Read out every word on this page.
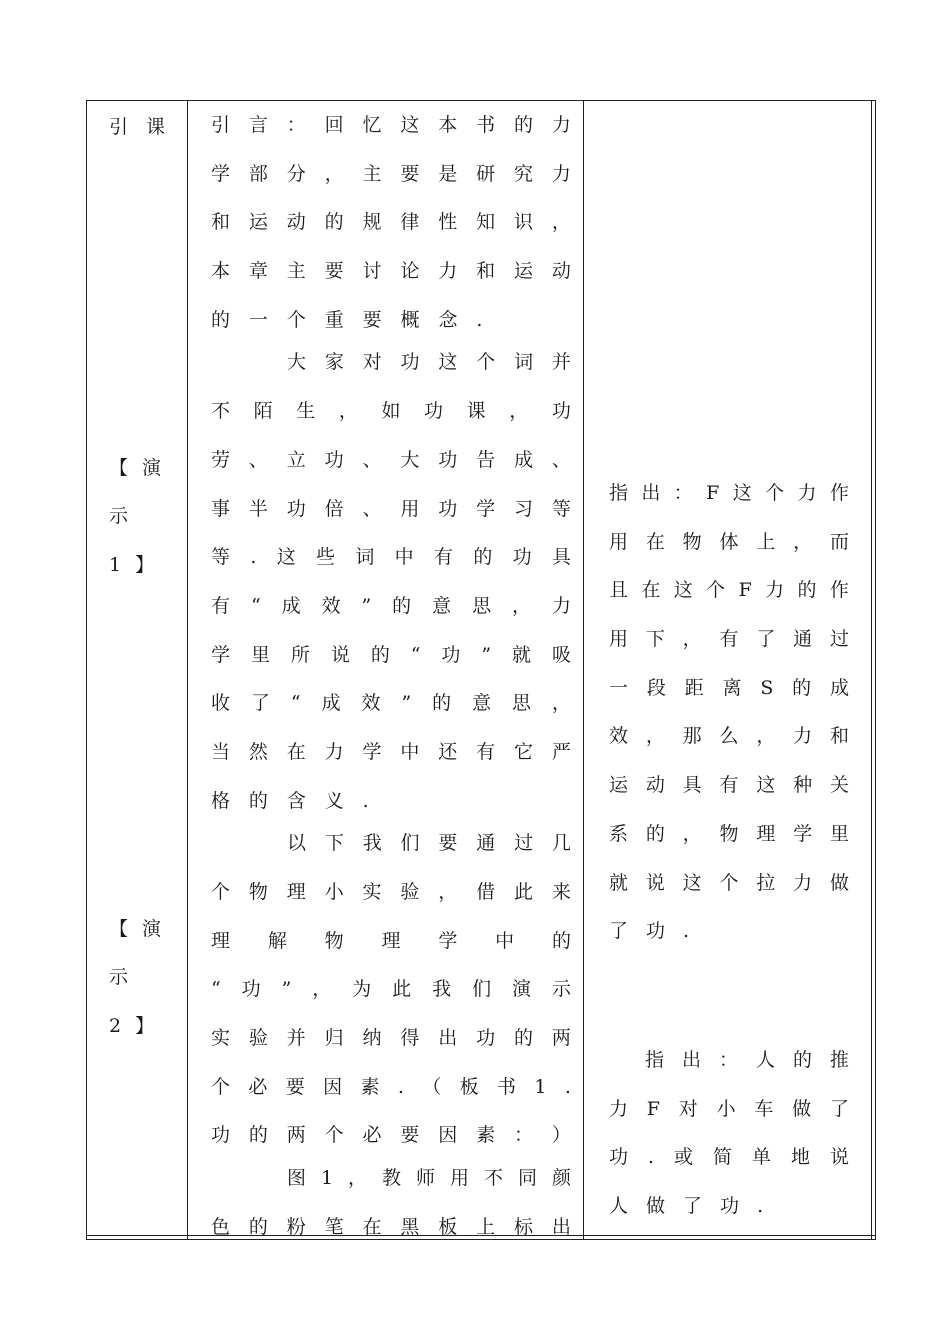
引课
【演
示
1】
【演
示
2】
引 言 ： 回 忆 这 本 书 的 力
学 部 分 ， 主 要 是 研 究 力
和 运 动 的 规 律 性 知 识 ，
本 章 主 要 讨 论 力 和 运 动
的 一 个 重 要 概 念 .
大 家 对 功 这 个 词 并
不 陌 生 ， 如 功 课 ， 功
劳 、 立 功 、 大 功 告 成 、
事 半 功 倍 、 用 功 学 习 等
等 . 这 些 词 中 有 的 功 具
有 “ 成 效 ” 的 意 思 ， 力
学 里 所 说 的 “ 功 ” 就 吸
收 了 “ 成 效 ” 的 意 思 ，
当 然 在 力 学 中 还 有 它 严
格 的 含 义 .
以 下 我 们 要 通 过 几
个 物 理 小 实 验 ， 借 此 来
理 解 物 理 学 中 的
“ 功 ” ， 为 此 我 们 演 示
实 验 并 归 纳 得 出 功 的 两
个 必 要 因 素 . （ 板 书 1 .
功 的 两 个 必 要 因 素 ： ）
图 1 ， 教 师 用 不 同 颜
色 的 粉 笔 在 黑 板 上 标 出
指 出 ： F 这 个 力 作
用 在 物 体 上 ， 而
且 在 这 个 F 力 的 作
用 下 ， 有 了 通 过
一 段 距 离 S 的 成
效 ， 那 么 ， 力 和
运 动 具 有 这 种 关
系 的 ， 物 理 学 里
就 说 这 个 拉 力 做
了 功 .
指 出 ： 人 的 推
力 F 对 小 车 做 了
功 . 或 简 单 地 说
人 做 了 功 .
